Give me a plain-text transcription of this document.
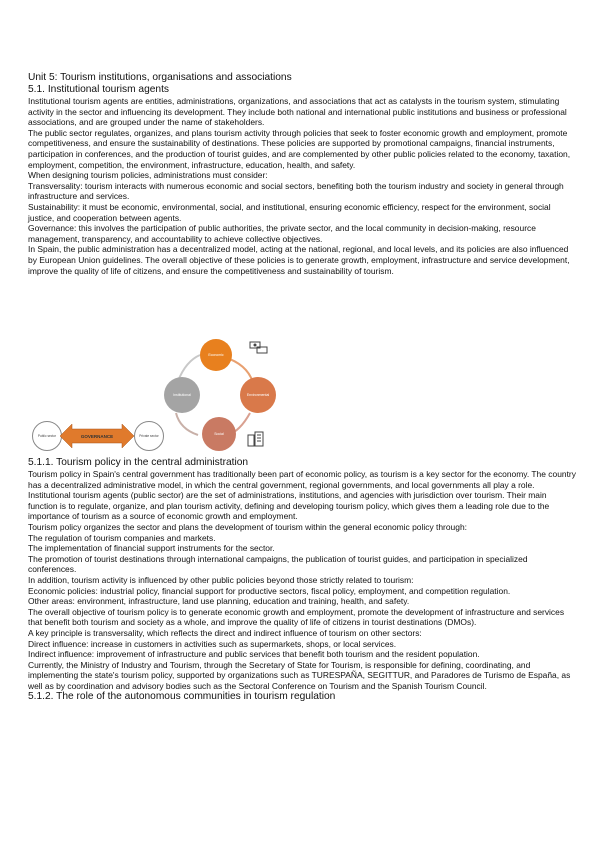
Unit 5: Tourism institutions, organisations and associations

5.1. Institutional tourism agents

Institutional tourism agents are entities, administrations, organizations, and associations that act as catalysts in the tourism system, stimulating activity in the sector and influencing its development. They include both national and international public institutions and business or professional associations, and are grouped under the name of stakeholders.

The public sector regulates, organizes, and plans tourism activity through policies that seek to foster economic growth and employment, promote competitiveness, and ensure the sustainability of destinations. These policies are supported by promotional campaigns, financial instruments, participation in conferences, and the production of tourist guides, and are complemented by other public policies related to the economy, taxation, employment, competition, the environment, infrastructure, education, health, and safety.

When designing tourism policies, administrations must consider:

Transversality: tourism interacts with numerous economic and social sectors, benefiting both the tourism industry and society in general through infrastructure and services.

Sustainability: it must be economic, environmental, social, and institutional, ensuring economic efficiency, respect for the environment, social justice, and cooperation between agents.

Governance: this involves the participation of public authorities, the private sector, and the local community in decision-making, resource management, transparency, and accountability to achieve collective objectives.

In Spain, the public administration has a decentralized model, acting at the national, regional, and local levels, and its policies are also influenced by European Union guidelines. The overall objective of these policies is to generate growth, employment, infrastructure and service development, improve the quality of life of citizens, and ensure the competitiveness and sustainability of tourism.

Economic
Environmental
Social
Institutional
Public sector	GOVERNANCE	Private sector

5.1.1. Tourism policy in the central administration

Tourism policy in Spain's central government has traditionally been part of economic policy, as tourism is a key sector for the economy. The country has a decentralized administrative model, in which the central government, regional governments, and local governments all play a role.

Institutional tourism agents (public sector) are the set of administrations, institutions, and agencies with jurisdiction over tourism. Their main function is to regulate, organize, and plan tourism activity, defining and developing tourism policy, which gives them a leading role due to the importance of tourism as a source of economic growth and employment.

Tourism policy organizes the sector and plans the development of tourism within the general economic policy through:

The regulation of tourism companies and markets.

The implementation of financial support instruments for the sector.

The promotion of tourist destinations through international campaigns, the publication of tourist guides, and participation in specialized conferences.

In addition, tourism activity is influenced by other public policies beyond those strictly related to tourism:

Economic policies: industrial policy, financial support for productive sectors, fiscal policy, employment, and competition regulation.

Other areas: environment, infrastructure, land use planning, education and training, health, and safety.

The overall objective of tourism policy is to generate economic growth and employment, promote the development of infrastructure and services that benefit both tourism and society as a whole, and improve the quality of life of citizens in tourist destinations (DMOs).

A key principle is transversality, which reflects the direct and indirect influence of tourism on other sectors:

Direct influence: increase in customers in activities such as supermarkets, shops, or local services.

Indirect influence: improvement of infrastructure and public services that benefit both tourism and the resident population.

Currently, the Ministry of Industry and Tourism, through the Secretary of State for Tourism, is responsible for defining, coordinating, and implementing the state's tourism policy, supported by organizations such as TURESPAÑA, SEGITTUR, and Paradores de Turismo de España, as well as by coordination and advisory bodies such as the Sectoral Conference on Tourism and the Spanish Tourism Council.

5.1.2. The role of the autonomous communities in tourism regulation
